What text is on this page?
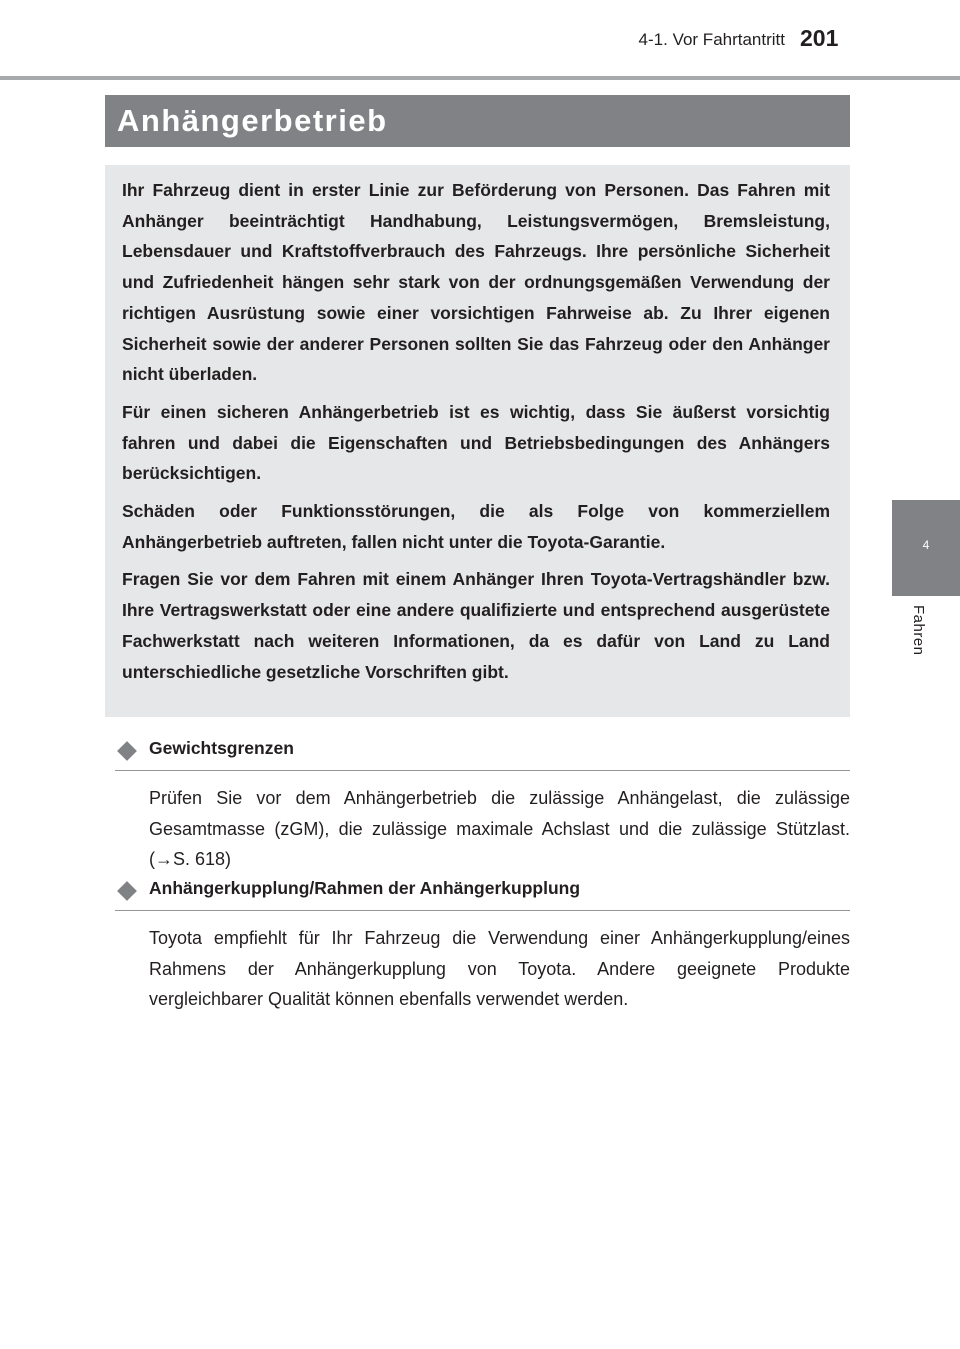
4-1. Vor Fahrtantritt 201
4
Fahren
Anhängerbetrieb

Ihr Fahrzeug dient in erster Linie zur Beförderung von Personen. Das Fahren mit Anhänger beeinträchtigt Handhabung, Leistungsvermögen, Bremsleistung, Lebensdauer und Kraftstoffverbrauch des Fahrzeugs. Ihre persönliche Sicherheit und Zufriedenheit hängen sehr stark von der ordnungsgemäßen Verwendung der richtigen Ausrüstung sowie einer vorsichtigen Fahrweise ab. Zu Ihrer eigenen Sicherheit sowie der anderer Personen sollten Sie das Fahrzeug oder den Anhänger nicht überladen.

Für einen sicheren Anhängerbetrieb ist es wichtig, dass Sie äußerst vorsichtig fahren und dabei die Eigenschaften und Betriebsbedingungen des Anhängers berücksichtigen.

Schäden oder Funktionsstörungen, die als Folge von kommerziellem Anhängerbetrieb auftreten, fallen nicht unter die Toyota-Garantie.

Fragen Sie vor dem Fahren mit einem Anhänger Ihren Toyota-Vertragshändler bzw. Ihre Vertragswerkstatt oder eine andere qualifizierte und entsprechend ausgerüstete Fachwerkstatt nach weiteren Informationen, da es dafür von Land zu Land unterschiedliche gesetzliche Vorschriften gibt.

Gewichtsgrenzen
Prüfen Sie vor dem Anhängerbetrieb die zulässige Anhängelast, die zulässige Gesamtmasse (zGM), die zulässige maximale Achslast und die zulässige Stützlast. (→S. 618)
Anhängerkupplung/Rahmen der Anhängerkupplung
Toyota empfiehlt für Ihr Fahrzeug die Verwendung einer Anhängerkupplung/eines Rahmens der Anhängerkupplung von Toyota. Andere geeignete Produkte vergleichbarer Qualität können ebenfalls verwendet werden.
